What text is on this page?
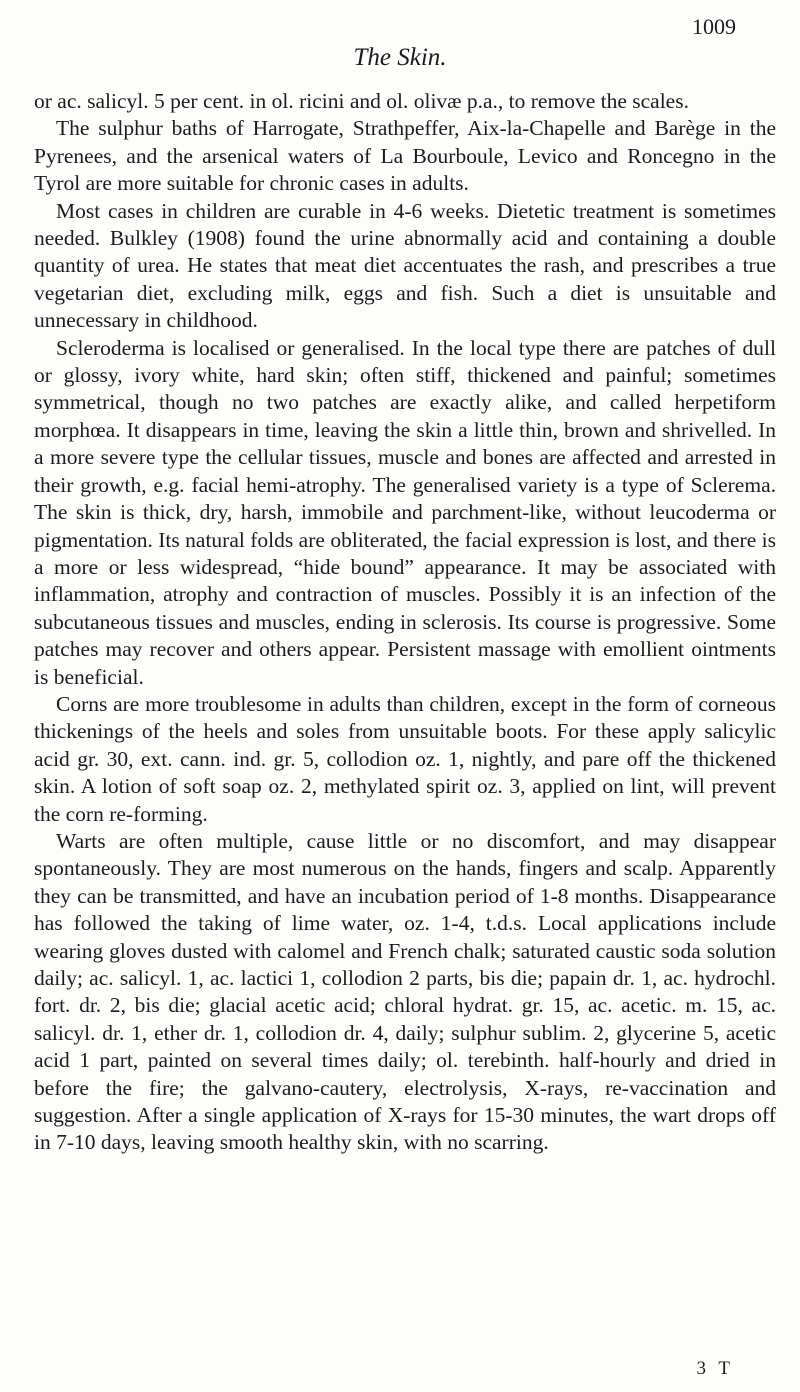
1009
The Skin.

or ac. salicyl. 5 per cent. in ol. ricini and ol. olivæ p.a., to remove the scales.

The sulphur baths of Harrogate, Strathpeffer, Aix-la-Chapelle and Barège in the Pyrenees, and the arsenical waters of La Bourboule, Levico and Roncegno in the Tyrol are more suitable for chronic cases in adults.

Most cases in children are curable in 4-6 weeks. Dietetic treatment is sometimes needed. Bulkley (1908) found the urine abnormally acid and containing a double quantity of urea. He states that meat diet accentuates the rash, and prescribes a true vegetarian diet, excluding milk, eggs and fish. Such a diet is unsuitable and unnecessary in childhood.

Scleroderma is localised or generalised. In the local type there are patches of dull or glossy, ivory white, hard skin; often stiff, thickened and painful; sometimes symmetrical, though no two patches are exactly alike, and called herpetiform morphœa. It disappears in time, leaving the skin a little thin, brown and shrivelled. In a more severe type the cellular tissues, muscle and bones are affected and arrested in their growth, e.g. facial hemi-atrophy. The generalised variety is a type of Sclerema. The skin is thick, dry, harsh, immobile and parchment-like, without leucoderma or pigmentation. Its natural folds are obliterated, the facial expression is lost, and there is a more or less widespread, “hide bound” appearance. It may be associated with inflammation, atrophy and contraction of muscles. Possibly it is an infection of the subcutaneous tissues and muscles, ending in sclerosis. Its course is progressive. Some patches may recover and others appear. Persistent massage with emollient ointments is beneficial.

Corns are more troublesome in adults than children, except in the form of corneous thickenings of the heels and soles from unsuitable boots. For these apply salicylic acid gr. 30, ext. cann. ind. gr. 5, collodion oz. 1, nightly, and pare off the thickened skin. A lotion of soft soap oz. 2, methylated spirit oz. 3, applied on lint, will prevent the corn re-forming.

Warts are often multiple, cause little or no discomfort, and may disappear spontaneously. They are most numerous on the hands, fingers and scalp. Apparently they can be transmitted, and have an incubation period of 1-8 months. Disappearance has followed the taking of lime water, oz. 1-4, t.d.s. Local applications include wearing gloves dusted with calomel and French chalk; saturated caustic soda solution daily; ac. salicyl. 1, ac. lactici 1, collodion 2 parts, bis die; papain dr. 1, ac. hydrochl. fort. dr. 2, bis die; glacial acetic acid; chloral hydrat. gr. 15, ac. acetic. m. 15, ac. salicyl. dr. 1, ether dr. 1, collodion dr. 4, daily; sulphur sublim. 2, glycerine 5, acetic acid 1 part, painted on several times daily; ol. terebinth. half-hourly and dried in before the fire; the galvano-cautery, electrolysis, X-rays, re-vaccination and suggestion. After a single application of X-rays for 15-30 minutes, the wart drops off in 7-10 days, leaving smooth healthy skin, with no scarring.

3 T
